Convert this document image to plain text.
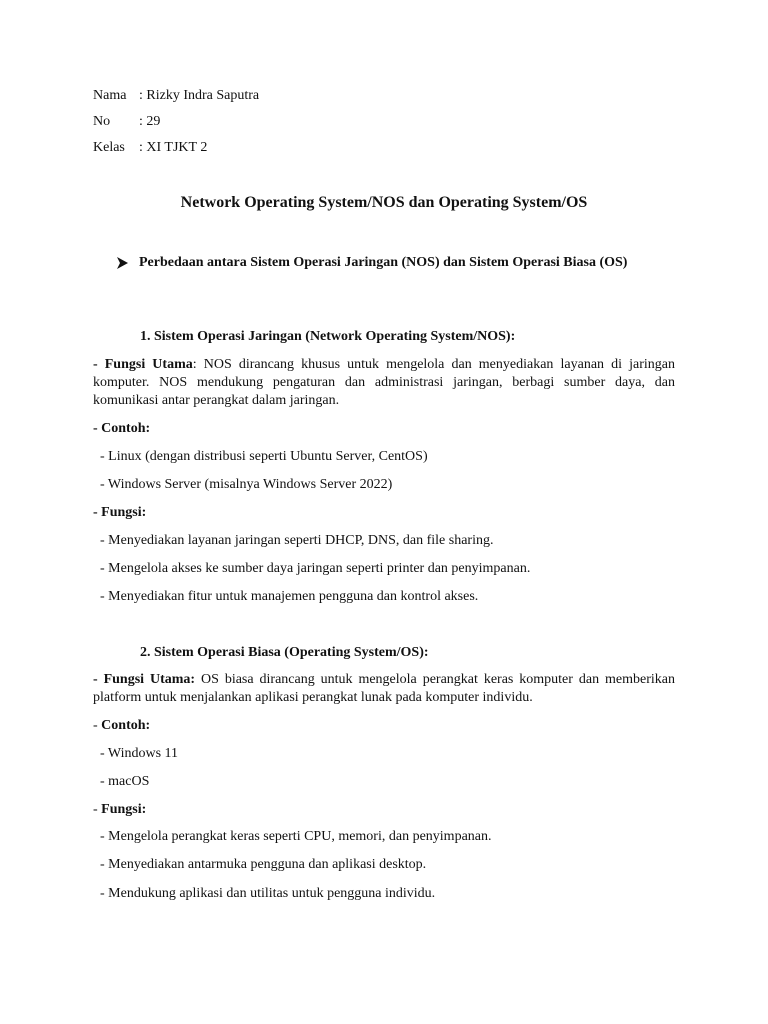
Nama : Rizky Indra Saputra
No : 29
Kelas : XI TJKT 2
Network Operating System/NOS dan Operating System/OS
Perbedaan antara Sistem Operasi Jaringan (NOS) dan Sistem Operasi Biasa (OS)
1. Sistem Operasi Jaringan (Network Operating System/NOS):
- Fungsi Utama: NOS dirancang khusus untuk mengelola dan menyediakan layanan di jaringan komputer. NOS mendukung pengaturan dan administrasi jaringan, berbagi sumber daya, dan komunikasi antar perangkat dalam jaringan.
- Contoh:
- Linux (dengan distribusi seperti Ubuntu Server, CentOS)
- Windows Server (misalnya Windows Server 2022)
- Fungsi:
- Menyediakan layanan jaringan seperti DHCP, DNS, dan file sharing.
- Mengelola akses ke sumber daya jaringan seperti printer dan penyimpanan.
- Menyediakan fitur untuk manajemen pengguna dan kontrol akses.
2. Sistem Operasi Biasa (Operating System/OS):
- Fungsi Utama: OS biasa dirancang untuk mengelola perangkat keras komputer dan memberikan platform untuk menjalankan aplikasi perangkat lunak pada komputer individu.
- Contoh:
- Windows 11
- macOS
- Fungsi:
- Mengelola perangkat keras seperti CPU, memori, dan penyimpanan.
- Menyediakan antarmuka pengguna dan aplikasi desktop.
- Mendukung aplikasi dan utilitas untuk pengguna individu.
